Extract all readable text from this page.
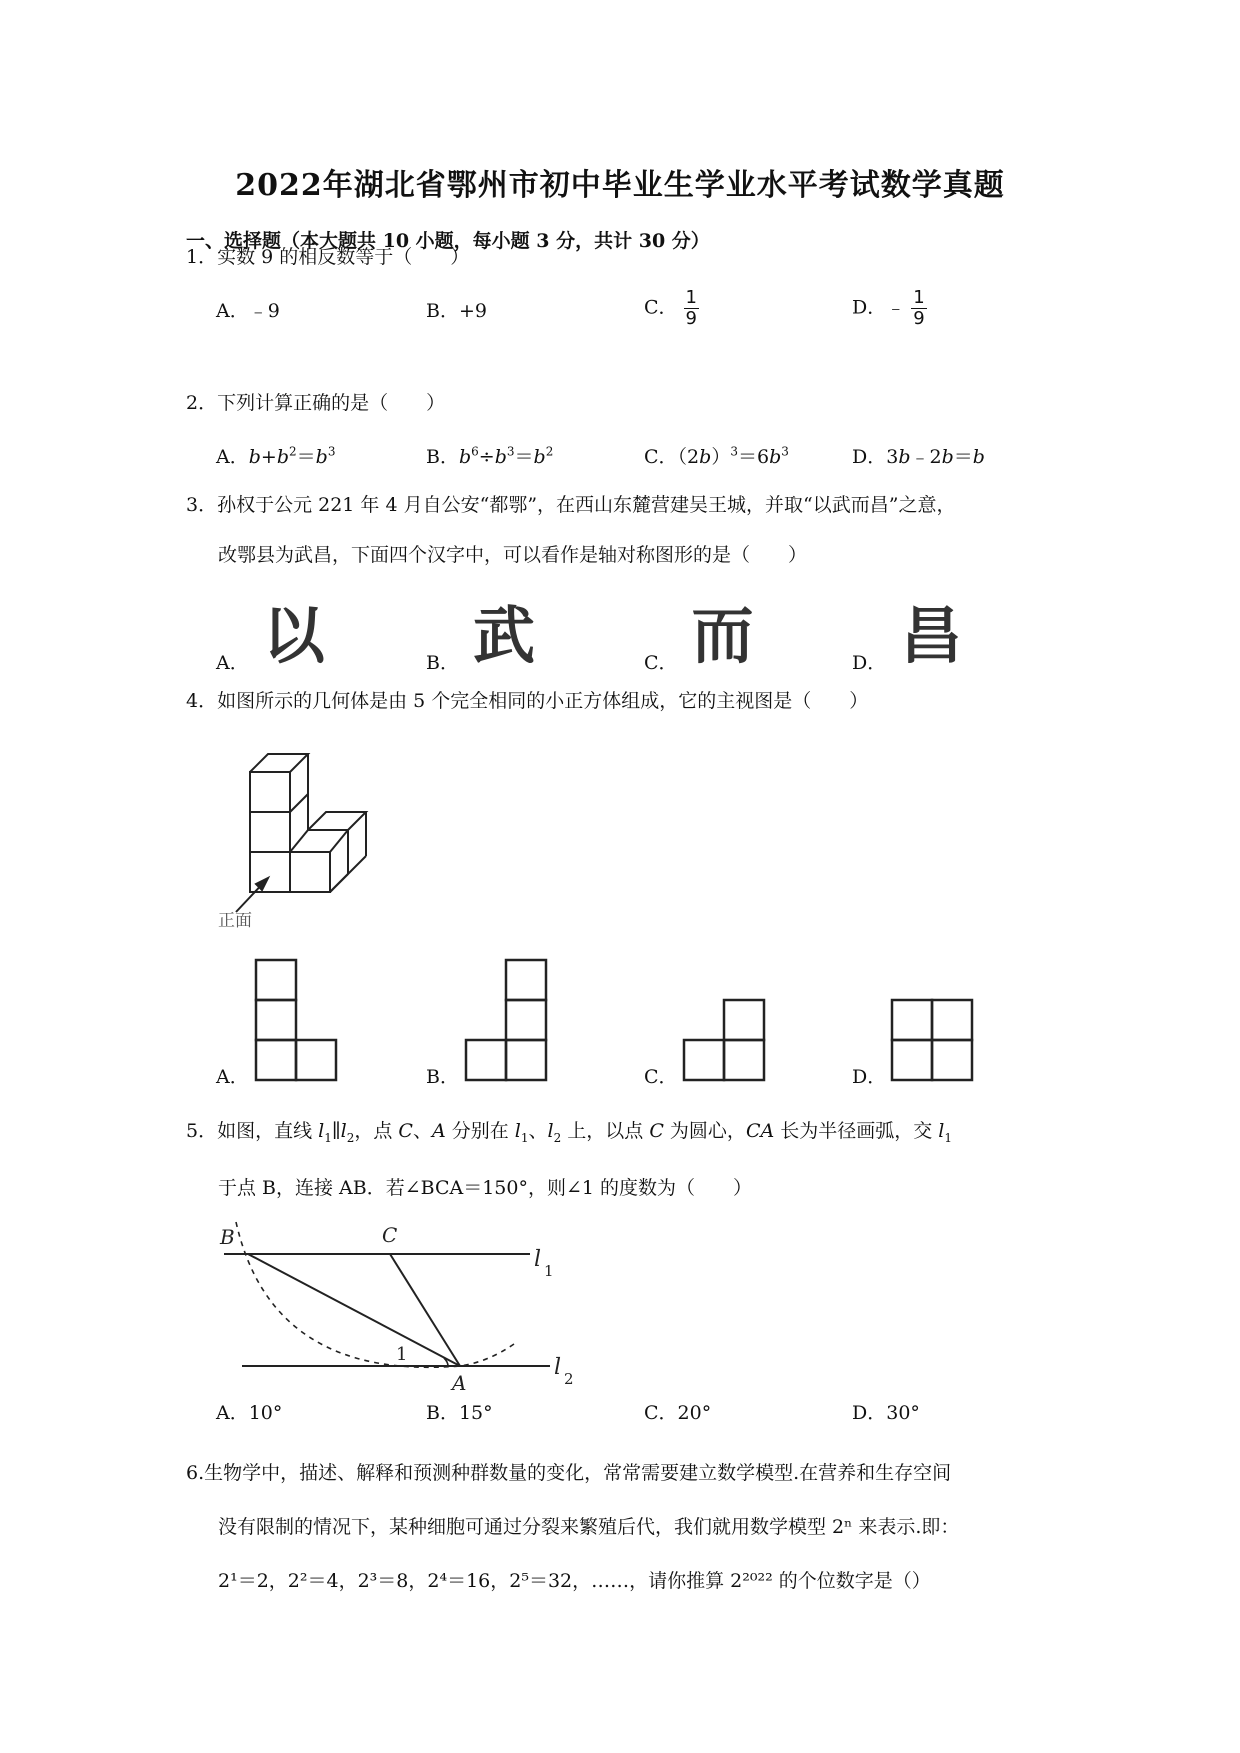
2022年湖北省鄂州市初中毕业生学业水平考试数学真题
一、选择题（本大题共 10 小题，每小题 3 分，共计 30 分）
1．实数 9 的相反数等于（　　）
A．﹣9	B．+9	C． $\frac{1}{9}$	D．﹣ $\frac{1}{9}$
2．下列计算正确的是（　　）
A．$b+b^2=b^3$	B．$b^6\div b^3=b^2$	C．$(2b)^3=6b^3$	D．3b﹣2b＝b
3．孙权于公元 221 年 4 月自公安“都鄂”，在西山东麓营建吴王城，并取“以武而昌”之意，
改鄂县为武昌，下面四个汉字中，可以看作是轴对称图形的是（　　）
A． 以	B． 武	C． 而	D． 昌
4．如图所示的几何体是由 5 个完全相同的小正方体组成，它的主视图是（　　）
正面
A．	B．	C．	D．
5．如图，直线 $l_1\parallel l_2$，点 C、A 分别在 $l_1$、$l_2$ 上，以点 C 为圆心，CA 长为半径画弧，交 $l_1$
于点 B，连接 AB．若∠BCA＝150°，则∠1 的度数为（　　）
B	C
A
1
l 1
l 2
A．10°	B．15°	C．20°	D．30°
6.生物学中，描述、解释和预测种群数量的变化，常常需要建立数学模型.在营养和生存空间
没有限制的情况下，某种细胞可通过分裂来繁殖后代，我们就用数学模型 2ⁿ 来表示.即：
2¹＝2，2²＝4，2³＝8，2⁴＝16，2⁵＝32，……，请你推算 2²⁰²² 的个位数字是（）
